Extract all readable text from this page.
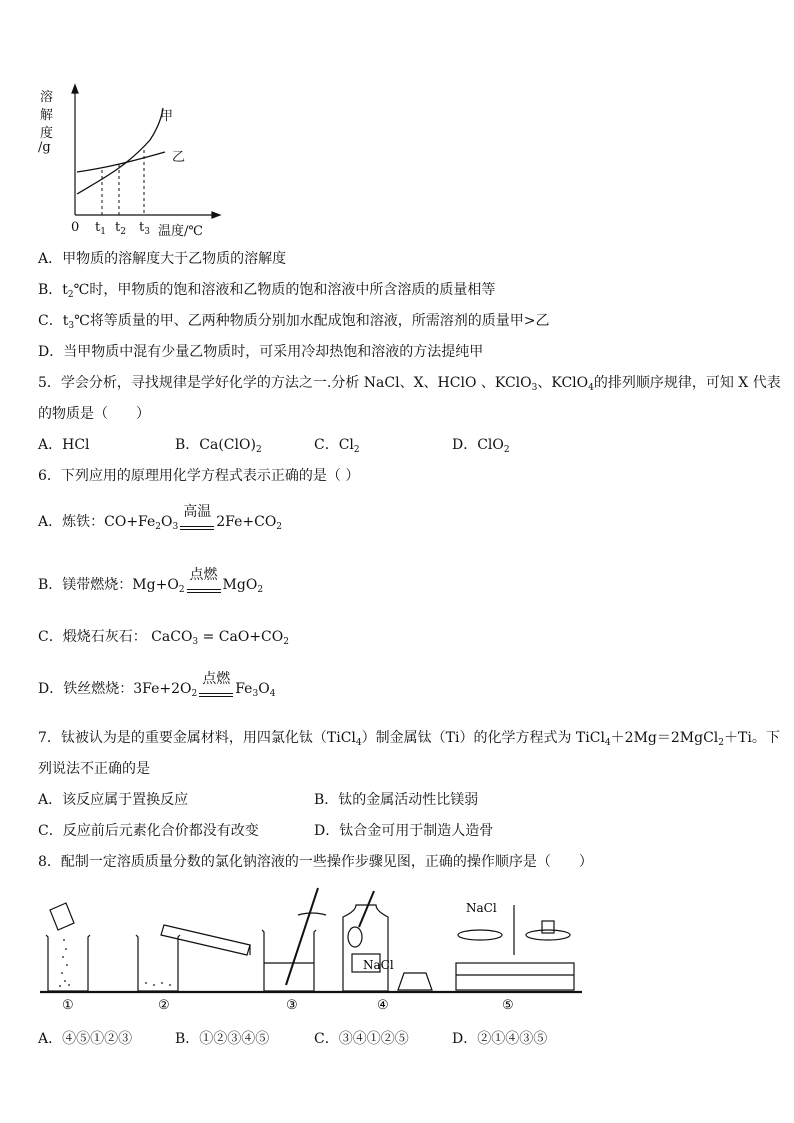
溶
解
度
/g
甲
乙
0 $t_1$ $t_2$ $t_3$ 温度/℃
A．甲物质的溶解度大于乙物质的溶解度
B．$t_2℃$时，甲物质的饱和溶液和乙物质的饱和溶液中所含溶质的质量相等
C．$t_3℃$将等质量的甲、乙两种物质分别加水配成饱和溶液，所需溶剂的质量甲>乙
D．当甲物质中混有少量乙物质时，可采用冷却热饱和溶液的方法提纯甲
5．学会分析，寻找规律是学好化学的方法之一.分析 NaCl、X、HClO 、KClO$_3$、KClO$_4$的排列顺序规律，可知 X 代表
的物质是（　　）
A．HCl	B．$Ca(ClO)_2$	C．$Cl_2$	D．ClO$_2$
6．下列应用的原理用化学方程式表示正确的是（ ）
A．炼铁：$CO+Fe_2O_3$
高温
$2Fe+CO_2$
B．镁带燃烧：$Mg+O_2$
点燃
MgO$_2$
C．煅烧石灰石： CaCO$_3$ = $CaO+CO_2$
D．铁丝燃烧：$3Fe+2O_2$
点燃
$Fe_3O_4$
7．钛被认为是的重要金属材料，用四氯化钛（TiCl$_4$）制金属钛（Ti）的化学方程式为 TiCl$_4$＋2Mg＝2MgCl$_2$＋Ti。下
列说法不正确的是
A．该反应属于置换反应	B．钛的金属活动性比镁弱
C．反应前后元素化合价都没有改变	D．钛合金可用于制造人造骨
8．配制一定溶质质量分数的氯化钠溶液的一些操作步骤见图，正确的操作顺序是（　　）
NaCl
NaCl
①	②	③	④	⑤
A．④⑤①②③	B．①②③④⑤	C．③④①②⑤	D．②①④③⑤
